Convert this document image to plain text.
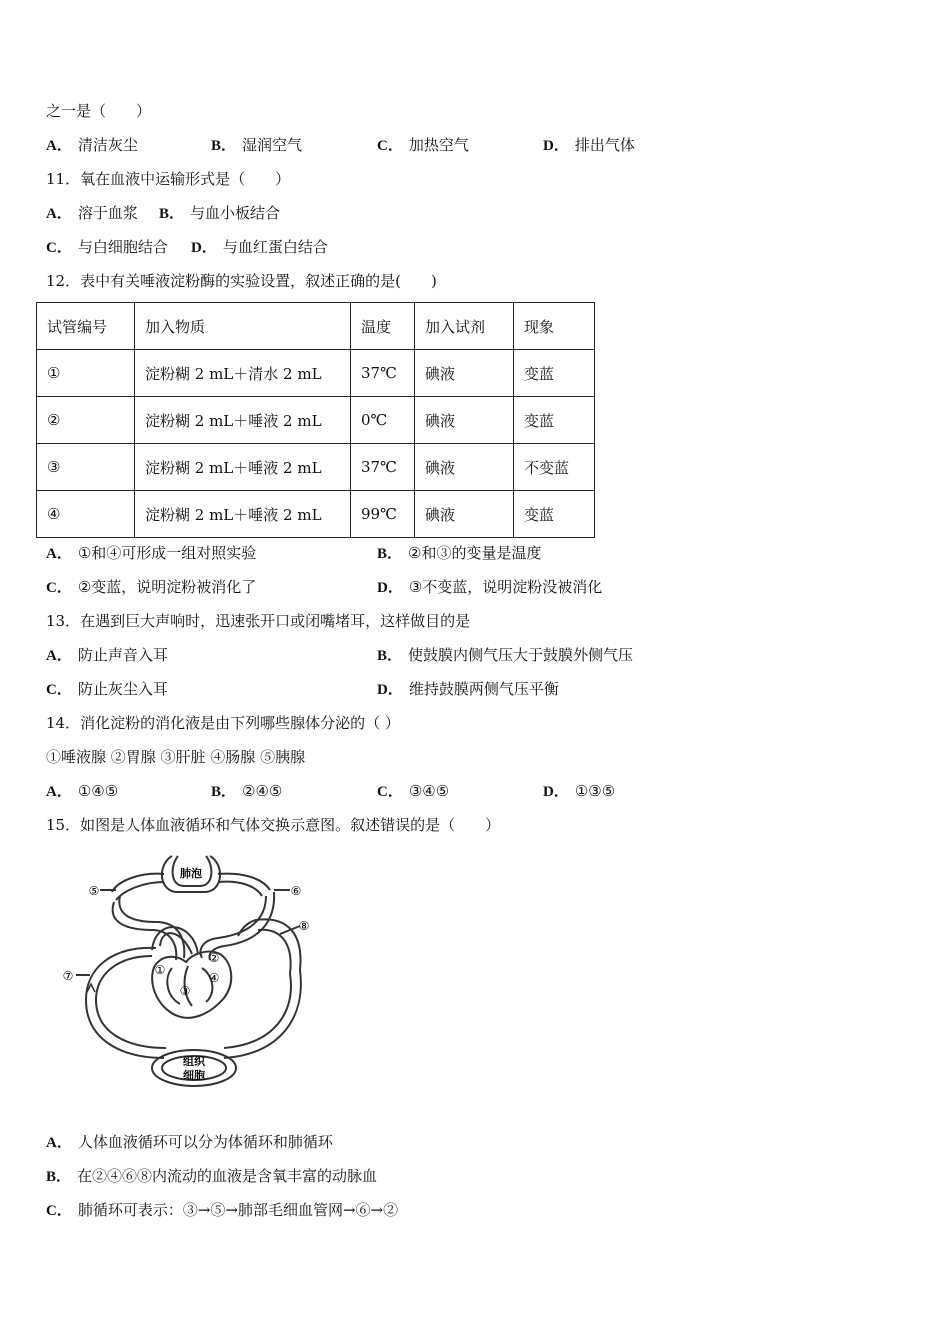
之一是（　　）
A． 清洁灰尘	B． 湿润空气	C． 加热空气	D． 排出气体
11．氧在血液中运输形式是（　　）
A． 溶于血浆 B． 与血小板结合
C． 与白细胞结合 D． 与血红蛋白结合
12．表中有关唾液淀粉酶的实验设置，叙述正确的是(　　)
试管编号	加入物质	温度	加入试剂	现象
①	淀粉糊 2 mL＋清水 2 mL	37℃	碘液	变蓝
②	淀粉糊 2 mL＋唾液 2 mL	0℃	碘液	变蓝
③	淀粉糊 2 mL＋唾液 2 mL	37℃	碘液	不变蓝
④	淀粉糊 2 mL＋唾液 2 mL	99℃	碘液	变蓝
A． ①和④可形成一组对照实验	B． ②和③的变量是温度
C． ②变蓝，说明淀粉被消化了	D． ③不变蓝，说明淀粉没被消化
13．在遇到巨大声响时，迅速张开口或闭嘴堵耳，这样做目的是
A． 防止声音入耳	B． 使鼓膜内侧气压大于鼓膜外侧气压
C． 防止灰尘入耳	D． 维持鼓膜两侧气压平衡
14．消化淀粉的消化液是由下列哪些腺体分泌的（ ）
①唾液腺 ②胃腺 ③肝脏 ④肠腺 ⑤胰腺
A． ①④⑤	B． ②④⑤	C． ③④⑤	D． ①③⑤
15．如图是人体血液循环和气体交换示意图。叙述错误的是（　　）
肺泡
组织
细胞
①
②
③
④
⑤	⑥
⑦
⑧
A． 人体血液循环可以分为体循环和肺循环
B． 在②④⑥⑧内流动的血液是含氧丰富的动脉血
C． 肺循环可表示：③→⑤→肺部毛细血管网→⑥→②
